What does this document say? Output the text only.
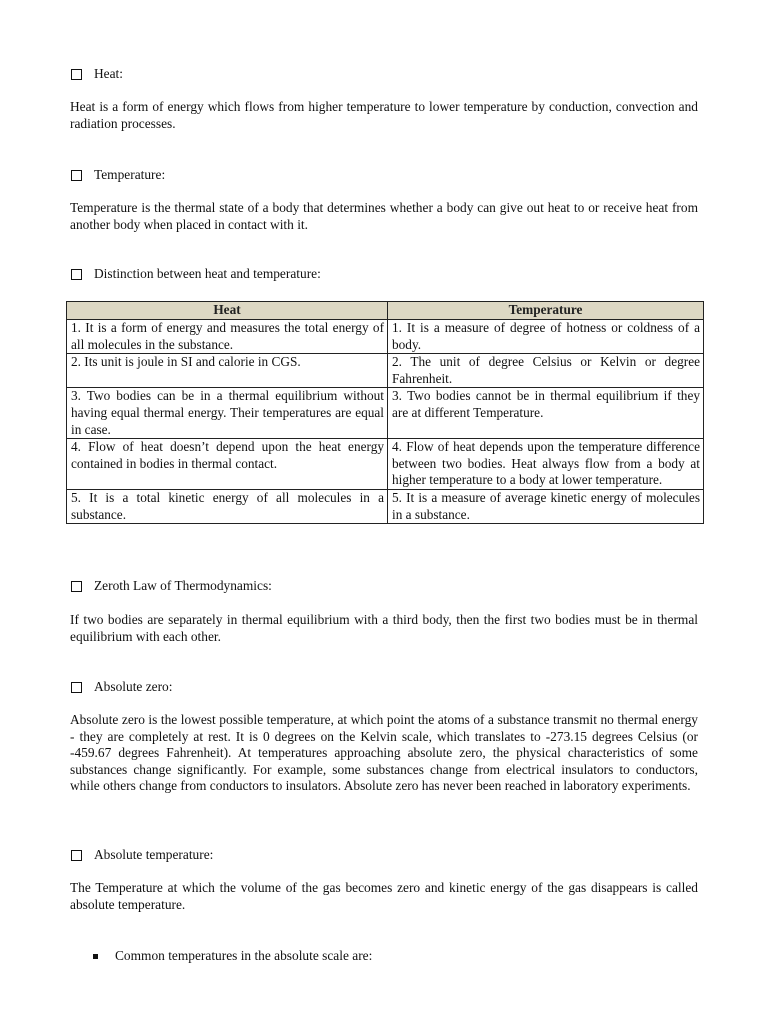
Heat:

Heat is a form of energy which flows from higher temperature to lower temperature by conduction, convection and radiation processes.

Temperature:

Temperature is the thermal state of a body that determines whether a body can give out heat to or receive heat from another body when placed in contact with it.

Distinction between heat and temperature:
Heat	Temperature
1. It is a form of energy and measures the total energy of all molecules in the substance.	1. It is a measure of degree of hotness or coldness of a body.
2. Its unit is joule in SI and calorie in CGS.	2. The unit of degree Celsius or Kelvin or degree Fahrenheit.
3. Two bodies can be in a thermal equilibrium without having equal thermal energy. Their temperatures are equal in case.	3. Two bodies cannot be in thermal equilibrium if they are at different Temperature.
4. Flow of heat doesn’t depend upon the heat energy contained in bodies in thermal contact.	4. Flow of heat depends upon the temperature difference between two bodies. Heat always flow from a body at higher temperature to a body at lower temperature.
5. It is a total kinetic energy of all molecules in a substance.	5. It is a measure of average kinetic energy of molecules in a substance.
Zeroth Law of Thermodynamics:

If two bodies are separately in thermal equilibrium with a third body, then the first two bodies must be in thermal equilibrium with each other.

Absolute zero:

Absolute zero is the lowest possible temperature, at which point the atoms of a substance transmit no thermal energy - they are completely at rest. It is 0 degrees on the Kelvin scale, which translates to -273.15 degrees Celsius (or -459.67 degrees Fahrenheit). At temperatures approaching absolute zero, the physical characteristics of some substances change significantly. For example, some substances change from electrical insulators to conductors, while others change from conductors to insulators. Absolute zero has never been reached in laboratory experiments.

Absolute temperature:

The Temperature at which the volume of the gas becomes zero and kinetic energy of the gas disappears is called absolute temperature.

Common temperatures in the absolute scale are:
